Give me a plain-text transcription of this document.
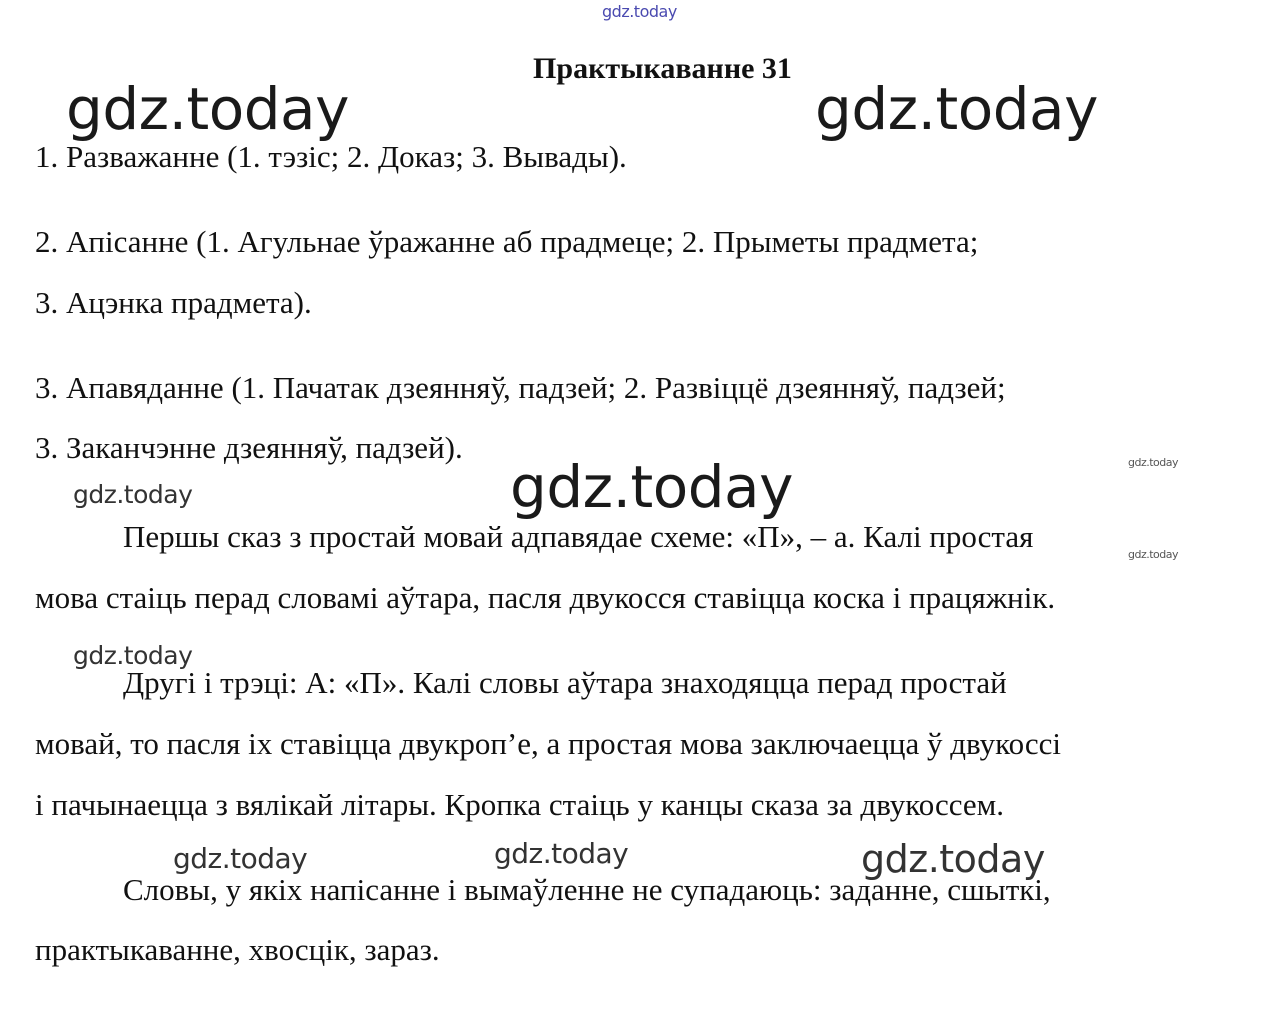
gdz.today
gdz.today	gdz.today
gdz.today
gdz.today
gdz.today
gdz.today
gdz.today
gdz.today	gdz.today	gdz.today
Практыкаванне 31
1. Разважанне (1. тэзіс; 2. Доказ; 3. Вывады).
2. Апісанне (1. Агульнае ўражанне аб прадмеце; 2. Прыметы прадмета;
3. Ацэнка прадмета).
3. Апавяданне (1. Пачатак дзеянняў, падзей; 2. Развіццё дзеянняў, падзей;
3. Заканчэнне дзеянняў, падзей).
Першы сказ з простай мовай адпавядае схеме: «П», – а. Калі простая
мова стаіць перад словамі аўтара, пасля двукосся ставіцца коска і працяжнік.
Другі і трэці: А: «П». Калі словы аўтара знаходяцца перад простай
мовай, то пасля іх ставіцца двукроп’е, а простая мова заключаецца ў двукоссі
і пачынаецца з вялікай літары. Кропка стаіць у канцы сказа за двукоссем.
Словы, у якіх напісанне і вымаўленне не супадаюць: заданне, сшыткі,
практыкаванне, хвосцік, зараз.
